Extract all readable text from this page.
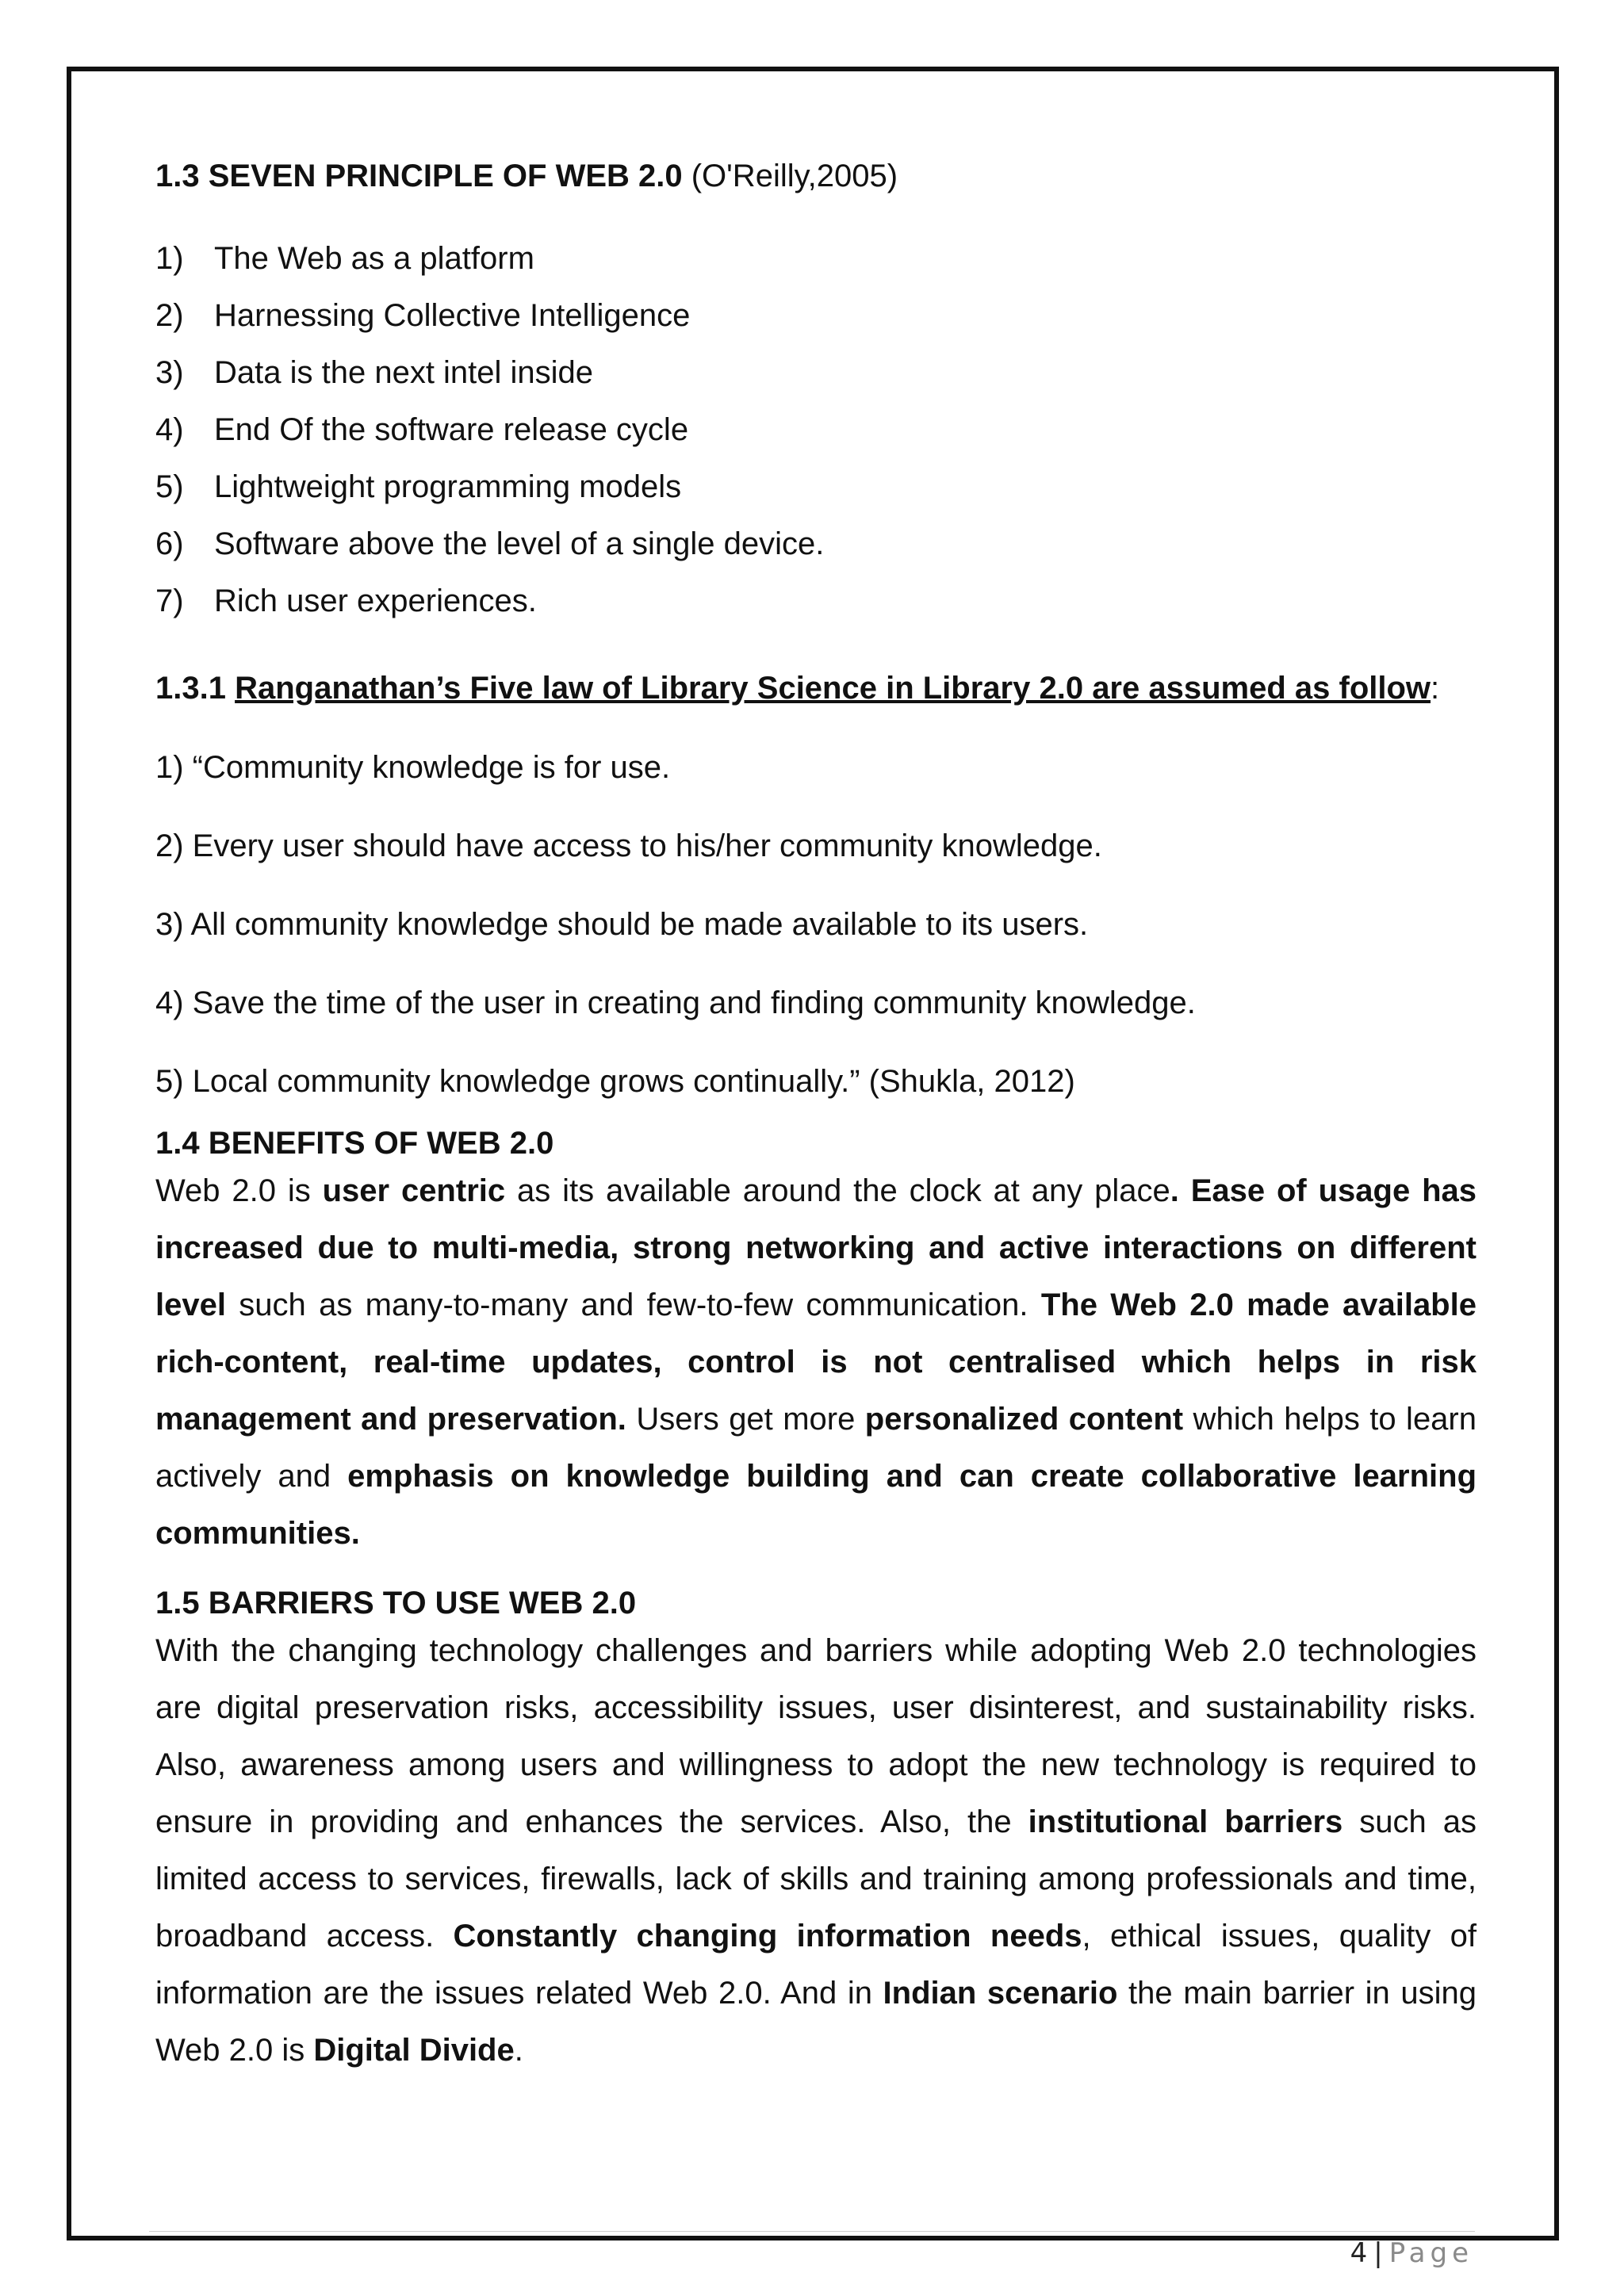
1.3 SEVEN PRINCIPLE OF WEB 2.0 (O'Reilly,2005)
1) The Web as a platform
2) Harnessing Collective Intelligence
3) Data is the next intel inside
4) End Of the software release cycle
5) Lightweight programming models
6) Software above the level of a single device.
7) Rich user experiences.
1.3.1 Ranganathan’s Five law of Library Science in Library 2.0 are assumed as follow:

1) “Community knowledge is for use.

2) Every user should have access to his/her community knowledge.

3) All community knowledge should be made available to its users.

4) Save the time of the user in creating and finding community knowledge.

5) Local community knowledge grows continually.” (Shukla, 2012)

1.4 BENEFITS OF WEB 2.0

Web 2.0 is user centric as its available around the clock at any place. Ease of usage has increased due to multi-media, strong networking and active interactions on different level such as many-to-many and few-to-few communication. The Web 2.0 made available rich-content, real-time updates, control is not centralised which helps in risk management and preservation. Users get more personalized content which helps to learn actively and emphasis on knowledge building and can create collaborative learning communities.

1.5 BARRIERS TO USE WEB 2.0

With the changing technology challenges and barriers while adopting Web 2.0 technologies are digital preservation risks, accessibility issues, user disinterest, and sustainability risks. Also, awareness among users and willingness to adopt the new technology is required to ensure in providing and enhances the services. Also, the institutional barriers such as limited access to services, firewalls, lack of skills and training among professionals and time, broadband access. Constantly changing information needs, ethical issues, quality of information are the issues related Web 2.0. And in Indian scenario the main barrier in using Web 2.0 is Digital Divide.

4 | Page
